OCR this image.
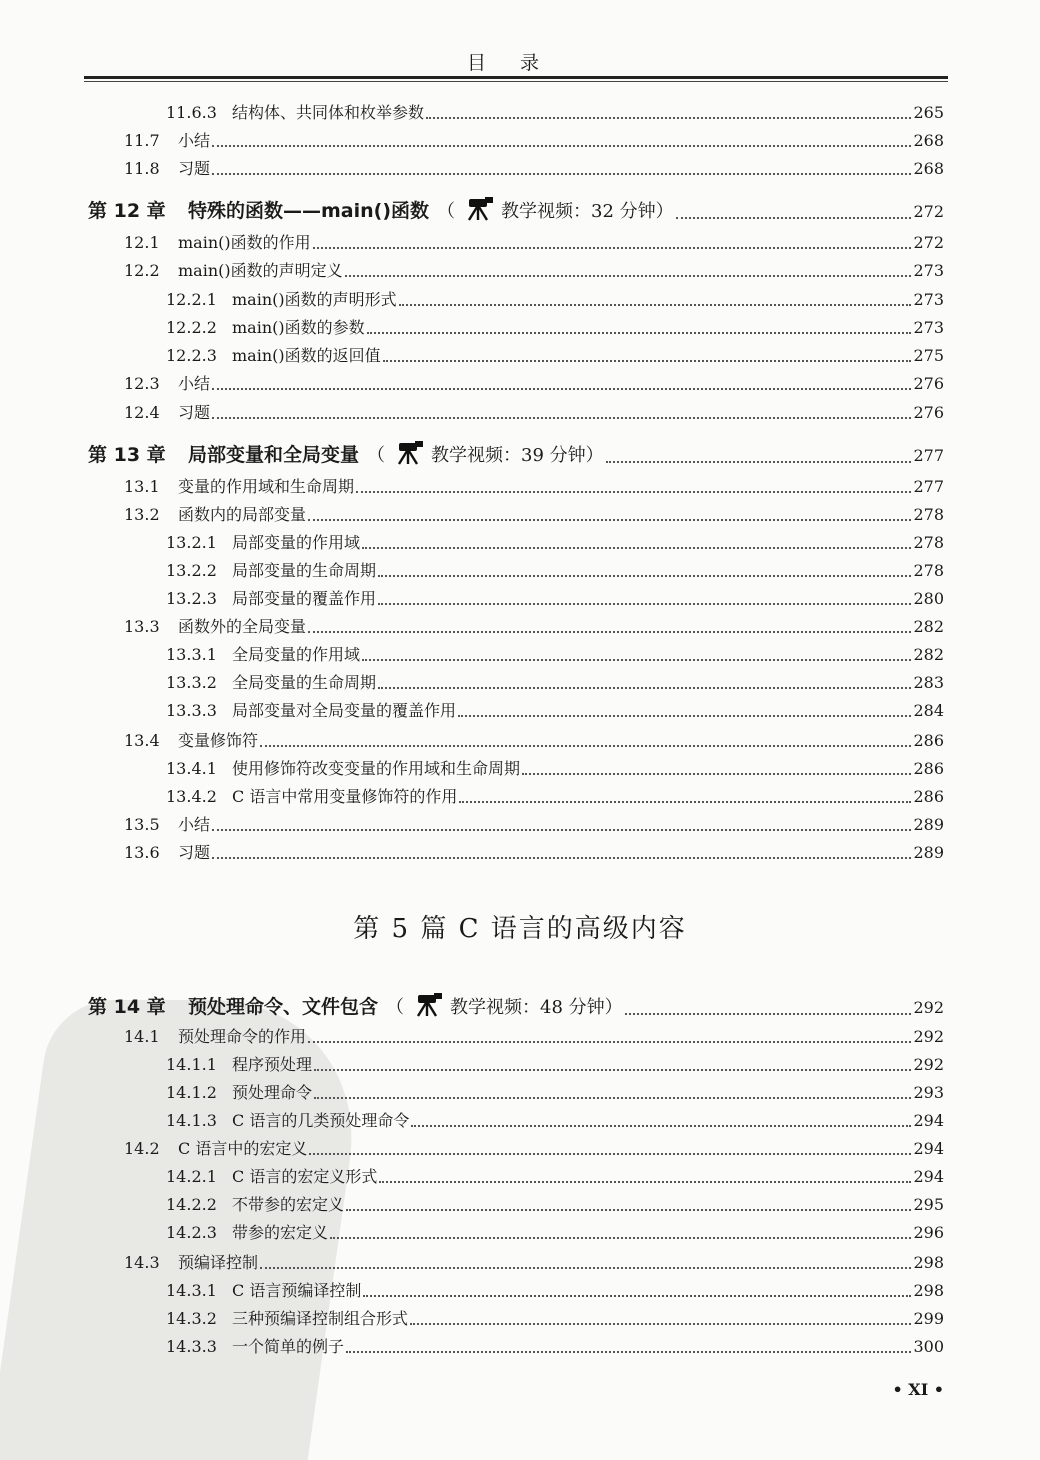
目录
11.6.3 结构体、共同体和枚举参数	265
11.7	小结	268
11.8	习题	268
第 12 章	特殊的函数——main()函数 （	教学视频：32 分钟）	272
12.1	main()函数的作用	272
12.2	main()函数的声明定义	273
12.2.1 main()函数的声明形式	273
12.2.2 main()函数的参数	273
12.2.3 main()函数的返回值	275
12.3	小结	276
12.4	习题	276
第 13 章	局部变量和全局变量 （	教学视频：39 分钟）	277
13.1	变量的作用域和生命周期	277
13.2	函数内的局部变量	278
13.2.1 局部变量的作用域	278
13.2.2 局部变量的生命周期	278
13.2.3 局部变量的覆盖作用	280
13.3	函数外的全局变量	282
13.3.1 全局变量的作用域	282
13.3.2 全局变量的生命周期	283
13.3.3 局部变量对全局变量的覆盖作用	284
13.4	变量修饰符	286
13.4.1 使用修饰符改变变量的作用域和生命周期	286
13.4.2 C 语言中常用变量修饰符的作用	286
13.5	小结	289
13.6	习题	289
第 14 章	预处理命令、文件包含 （	教学视频：48 分钟）	292
14.1	预处理命令的作用	292
14.1.1 程序预处理	292
14.1.2 预处理命令	293
14.1.3 C 语言的几类预处理命令	294
14.2	C 语言中的宏定义	294
14.2.1 C 语言的宏定义形式	294
14.2.2 不带参的宏定义	295
14.2.3 带参的宏定义	296
14.3	预编译控制	298
14.3.1 C 语言预编译控制	298
14.3.2 三种预编译控制组合形式	299
14.3.3 一个简单的例子	300
第 5 篇 C 语言的高级内容
• XI •
